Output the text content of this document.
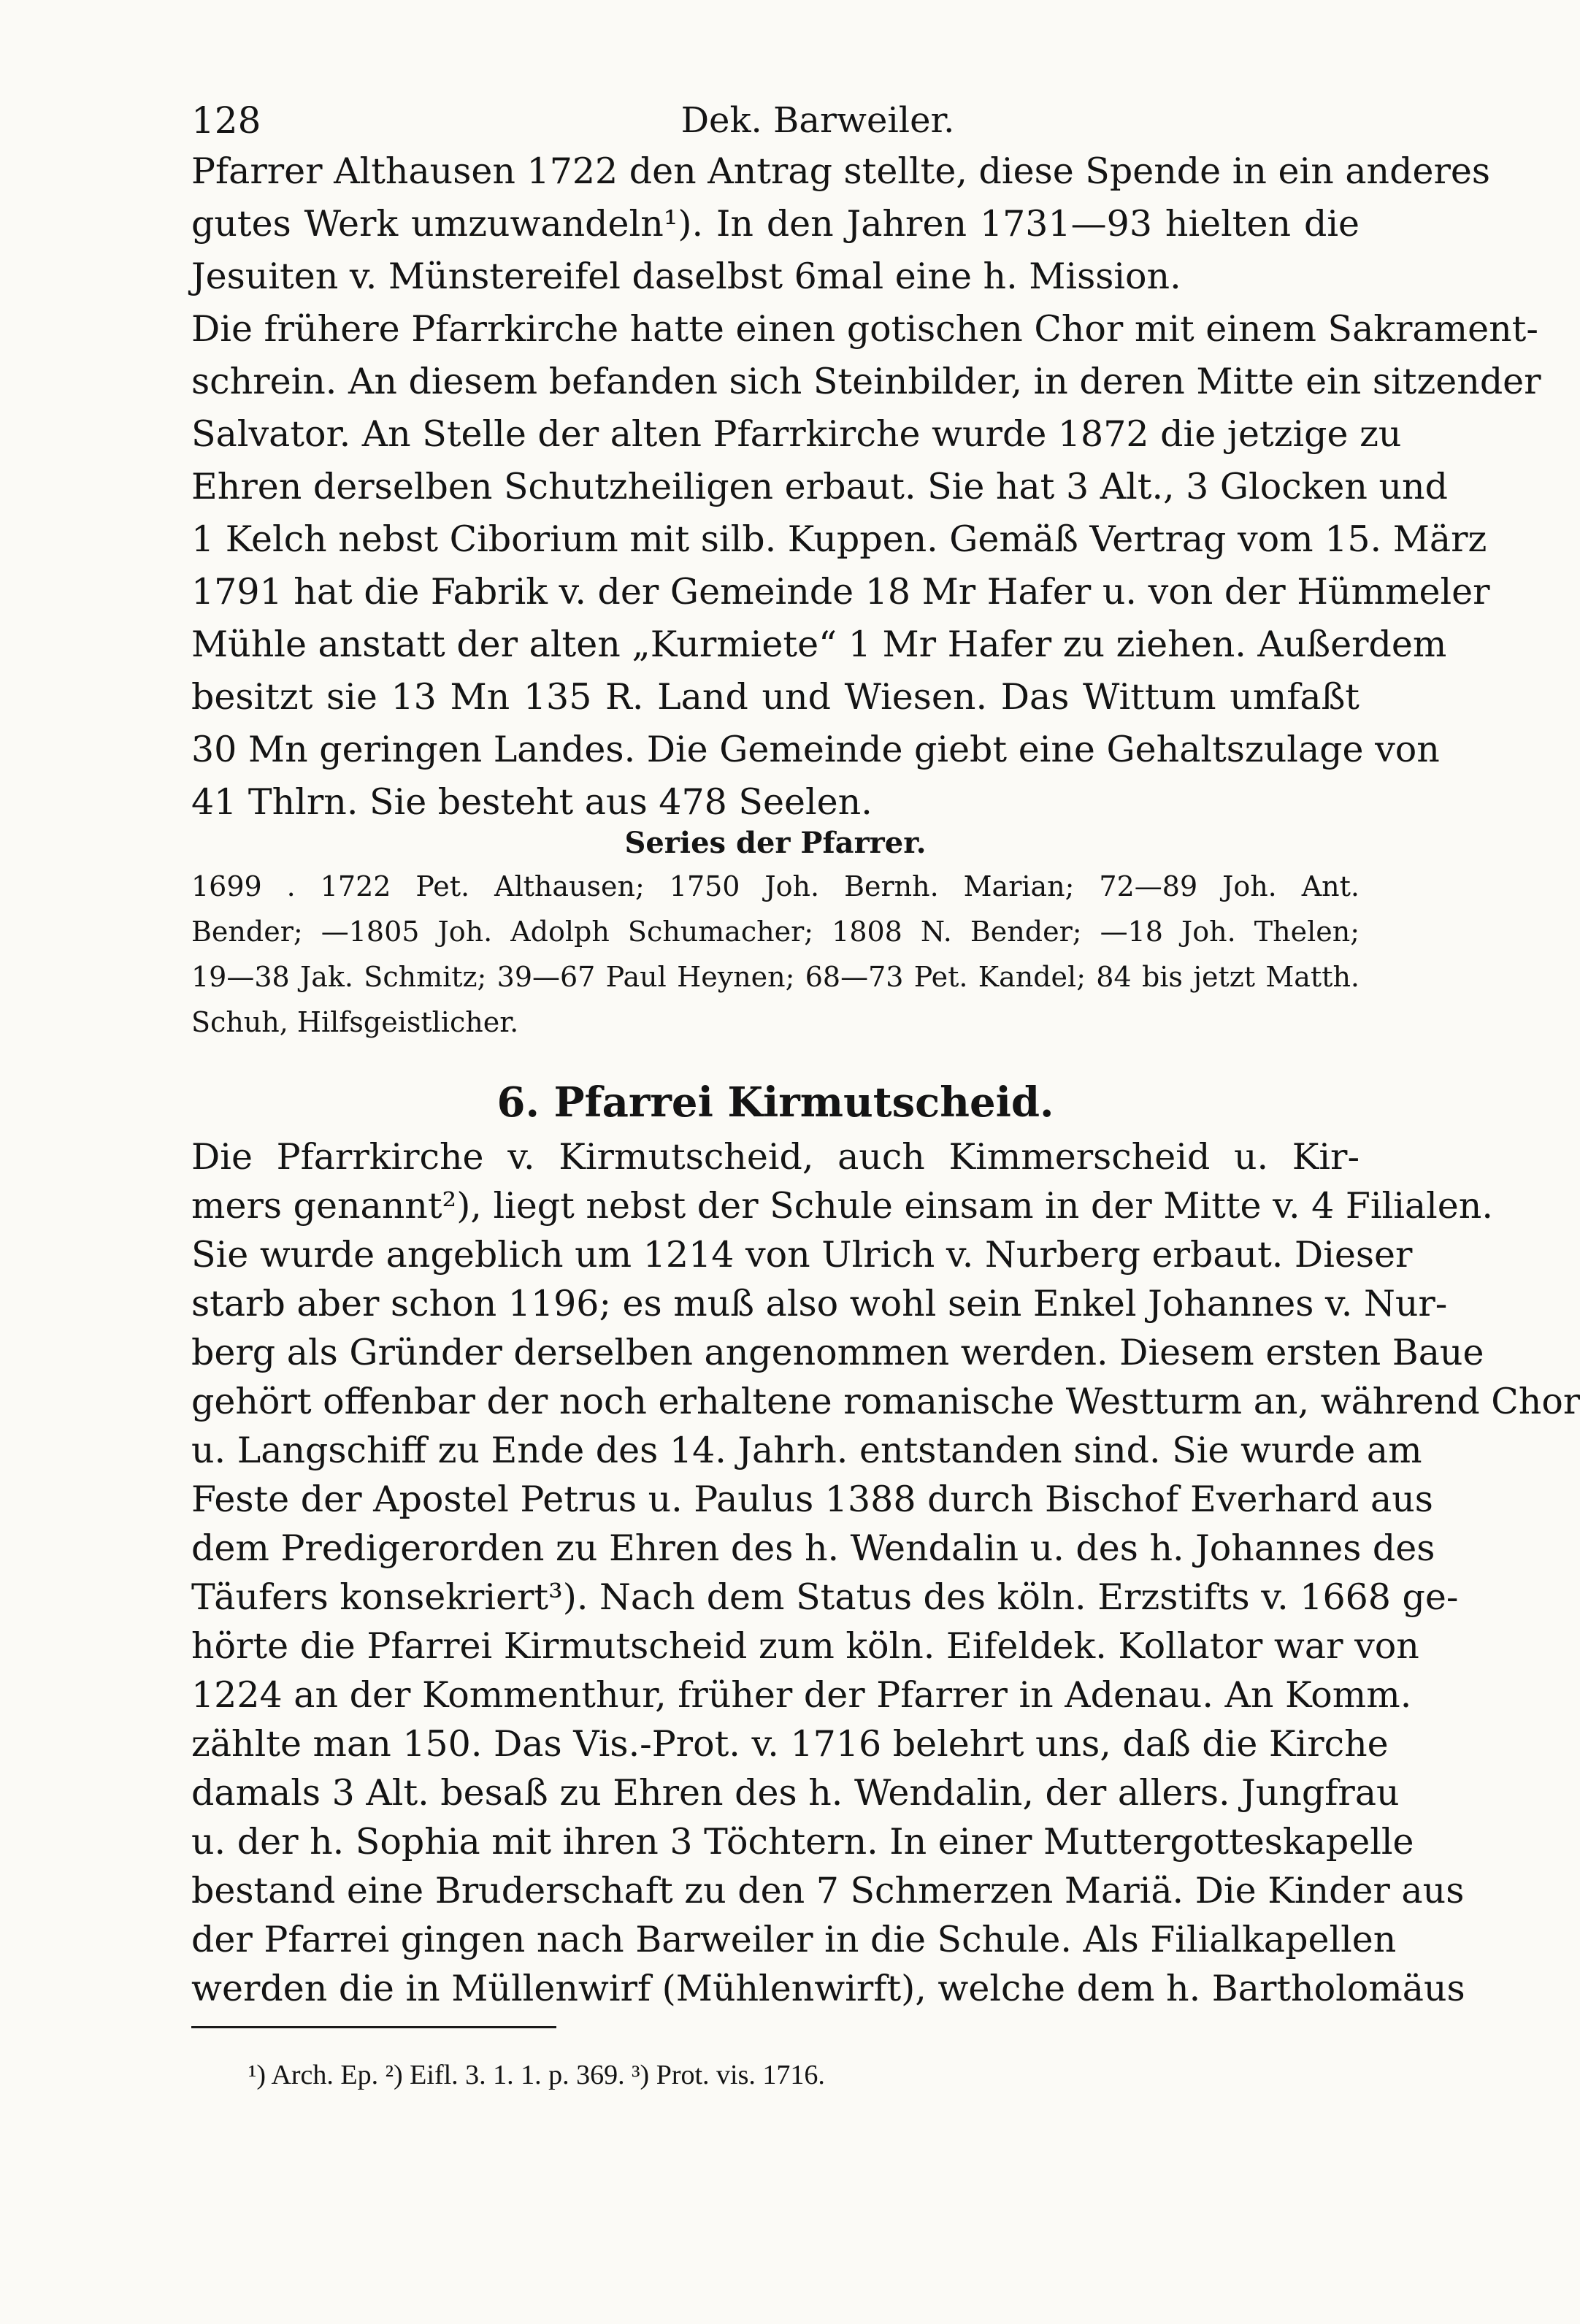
128	Dek. Barweiler.
Pfarrer Althausen 1722 den Antrag stellte, diese Spende in ein anderes
gutes Werk umzuwandeln¹). In den Jahren 1731—93 hielten die
Jesuiten v. Münstereifel daselbst 6mal eine h. Mission.
Die frühere Pfarrkirche hatte einen gotischen Chor mit einem Sakrament-
schrein. An diesem befanden sich Steinbilder, in deren Mitte ein sitzender
Salvator. An Stelle der alten Pfarrkirche wurde 1872 die jetzige zu
Ehren derselben Schutzheiligen erbaut. Sie hat 3 Alt., 3 Glocken und
1 Kelch nebst Ciborium mit silb. Kuppen. Gemäß Vertrag vom 15. März
1791 hat die Fabrik v. der Gemeinde 18 Mr Hafer u. von der Hümmeler
Mühle anstatt der alten „Kurmiete“ 1 Mr Hafer zu ziehen. Außerdem
besitzt sie 13 Mn 135 R. Land und Wiesen. Das Wittum umfaßt
30 Mn geringen Landes. Die Gemeinde giebt eine Gehaltszulage von
41 Thlrn. Sie besteht aus 478 Seelen.
Series der Pfarrer.
1699 . 1722 Pet. Althausen; 1750 Joh. Bernh. Marian; 72—89 Joh. Ant.
Bender; —1805 Joh. Adolph Schumacher; 1808 N. Bender; —18 Joh. Thelen;
19—38 Jak. Schmitz; 39—67 Paul Heynen; 68—73 Pet. Kandel; 84 bis jetzt Matth.
Schuh, Hilfsgeistlicher.
6. Pfarrei Kirmutscheid.
Die Pfarrkirche v. Kirmutscheid, auch Kimmerscheid u. Kir-
mers genannt²), liegt nebst der Schule einsam in der Mitte v. 4 Filialen.
Sie wurde angeblich um 1214 von Ulrich v. Nurberg erbaut. Dieser
starb aber schon 1196; es muß also wohl sein Enkel Johannes v. Nur-
berg als Gründer derselben angenommen werden. Diesem ersten Baue
gehört offenbar der noch erhaltene romanische Westturm an, während Chor
u. Langschiff zu Ende des 14. Jahrh. entstanden sind. Sie wurde am
Feste der Apostel Petrus u. Paulus 1388 durch Bischof Everhard aus
dem Predigerorden zu Ehren des h. Wendalin u. des h. Johannes des
Täufers konsekriert³). Nach dem Status des köln. Erzstifts v. 1668 ge-
hörte die Pfarrei Kirmutscheid zum köln. Eifeldek. Kollator war von
1224 an der Kommenthur, früher der Pfarrer in Adenau. An Komm.
zählte man 150. Das Vis.-Prot. v. 1716 belehrt uns, daß die Kirche
damals 3 Alt. besaß zu Ehren des h. Wendalin, der allers. Jungfrau
u. der h. Sophia mit ihren 3 Töchtern. In einer Muttergotteskapelle
bestand eine Bruderschaft zu den 7 Schmerzen Mariä. Die Kinder aus
der Pfarrei gingen nach Barweiler in die Schule. Als Filialkapellen
werden die in Müllenwirf (Mühlenwirft), welche dem h. Bartholomäus
¹) Arch. Ep. ²) Eifl. 3. 1. 1. p. 369. ³) Prot. vis. 1716.
